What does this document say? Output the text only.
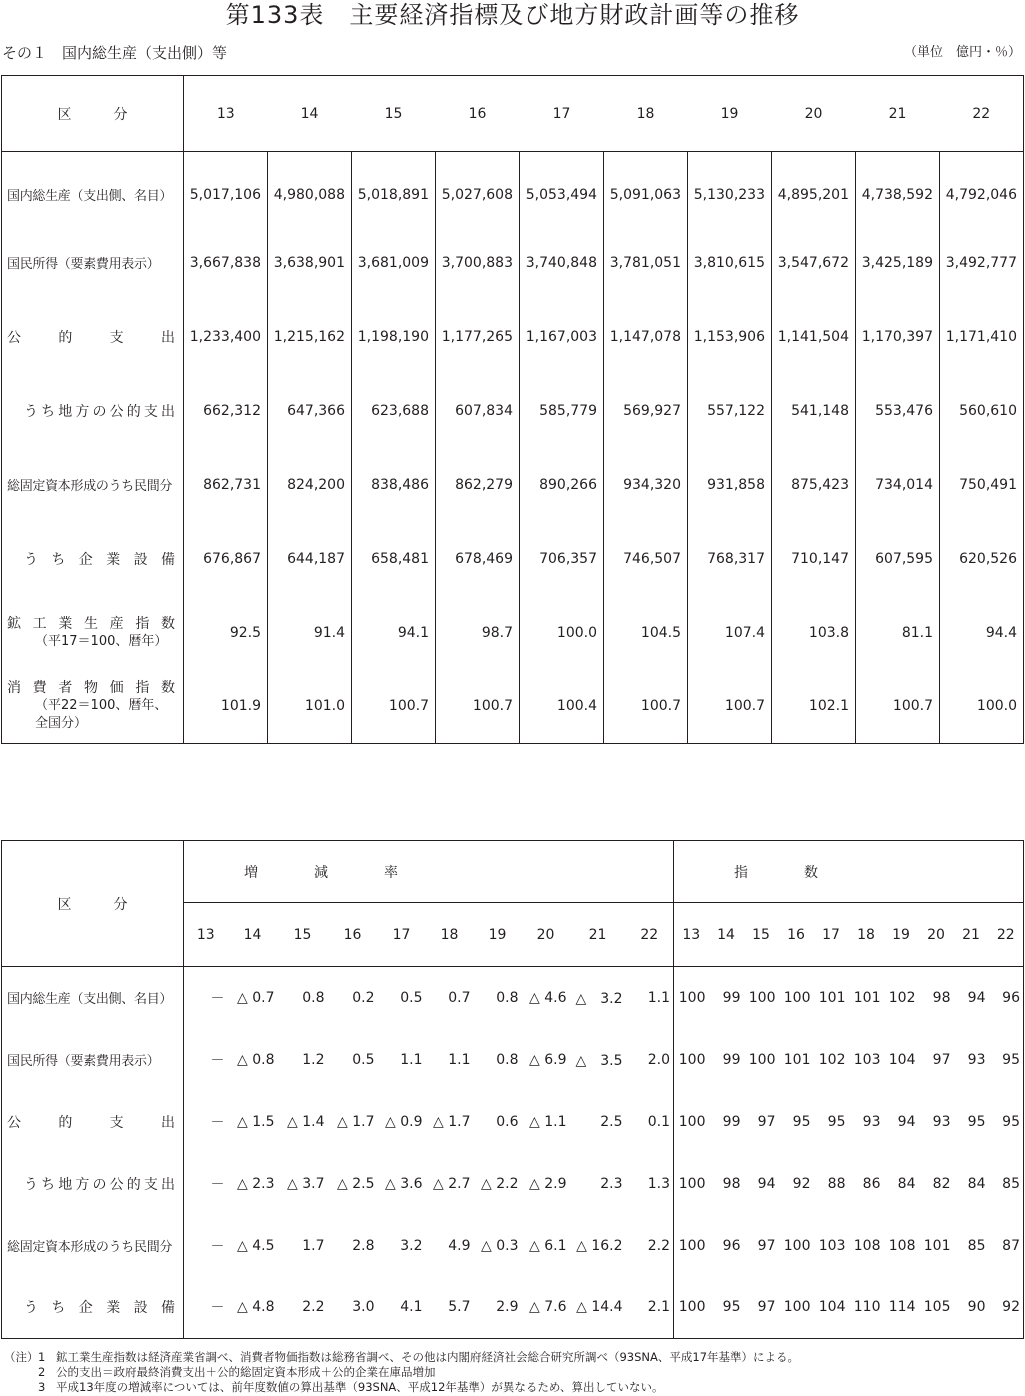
第133表　主要経済指標及び地方財政計画等の推移
その１　国内総生産（支出側）等	（単位　億円・％）
区　　　分	13	14	15	16	17	18	19	20	21	22
国内総生産（支出側、名目）	5,017,106	4,980,088	5,018,891	5,027,608	5,053,494	5,091,063	5,130,233	4,895,201	4,738,592	4,792,046
国民所得（要素費用表示）	3,667,838	3,638,901	3,681,009	3,700,883	3,740,848	3,781,051	3,810,615	3,547,672	3,425,189	3,492,777
公的支出	1,233,400	1,215,162	1,198,190	1,177,265	1,167,003	1,147,078	1,153,906	1,141,504	1,170,397	1,171,410
うち地方の公的支出	662,312	647,366	623,688	607,834	585,779	569,927	557,122	541,148	553,476	560,610
総固定資本形成のうち民間分	862,731	824,200	838,486	862,279	890,266	934,320	931,858	875,423	734,014	750,491
うち企業設備	676,867	644,187	658,481	678,469	706,357	746,507	768,317	710,147	607,595	620,526

鉱工業生産指数
（平17＝100、暦年）	92.5	91.4	94.1	98.7	100.0	104.5	107.4	103.8	81.1	94.4

消費者物価指数
（平22＝100、暦年、全国分）	101.9	101.0	100.7	100.7	100.4	100.7	100.7	102.1	100.7	100.0
区　　　分	増　　　　減　　　　率										指　　　　数									

	13	14	15	16	17	18	19	20	21	22	13	14	15	16	17	18	19	20	21	22
国内総生産（支出側、名目）	－	△ 0.7	0.8	0.2	0.5	0.7	0.8	△ 4.6	△　3.2	1.1	100	99	100	100	101	101	102	98	94	96
国民所得（要素費用表示）	－	△ 0.8	1.2	0.5	1.1	1.1	0.8	△ 6.9	△　3.5	2.0	100	99	100	101	102	103	104	97	93	95
公的支出	－	△ 1.5	△ 1.4	△ 1.7	△ 0.9	△ 1.7	0.6	△ 1.1	2.5	0.1	100	99	97	95	95	93	94	93	95	95
うち地方の公的支出	－	△ 2.3	△ 3.7	△ 2.5	△ 3.6	△ 2.7	△ 2.2	△ 2.9	2.3	1.3	100	98	94	92	88	86	84	82	84	85
総固定資本形成のうち民間分	－	△ 4.5	1.7	2.8	3.2	4.9	△ 0.3	△ 6.1	△ 16.2	2.2	100	96	97	100	103	108	108	101	85	87
うち企業設備	－	△ 4.8	2.2	3.0	4.1	5.7	2.9	△ 7.6	△ 14.4	2.1	100	95	97	100	104	110	114	105	90	92
（注） 1 鉱工業生産指数は経済産業省調べ、消費者物価指数は総務省調べ、その他は内閣府経済社会総合研究所調べ（93SNA、平成17年基準）による。
2 公的支出＝政府最終消費支出＋公的総固定資本形成＋公的企業在庫品増加
3 平成13年度の増減率については、前年度数値の算出基準（93SNA、平成12年基準）が異なるため、算出していない。
